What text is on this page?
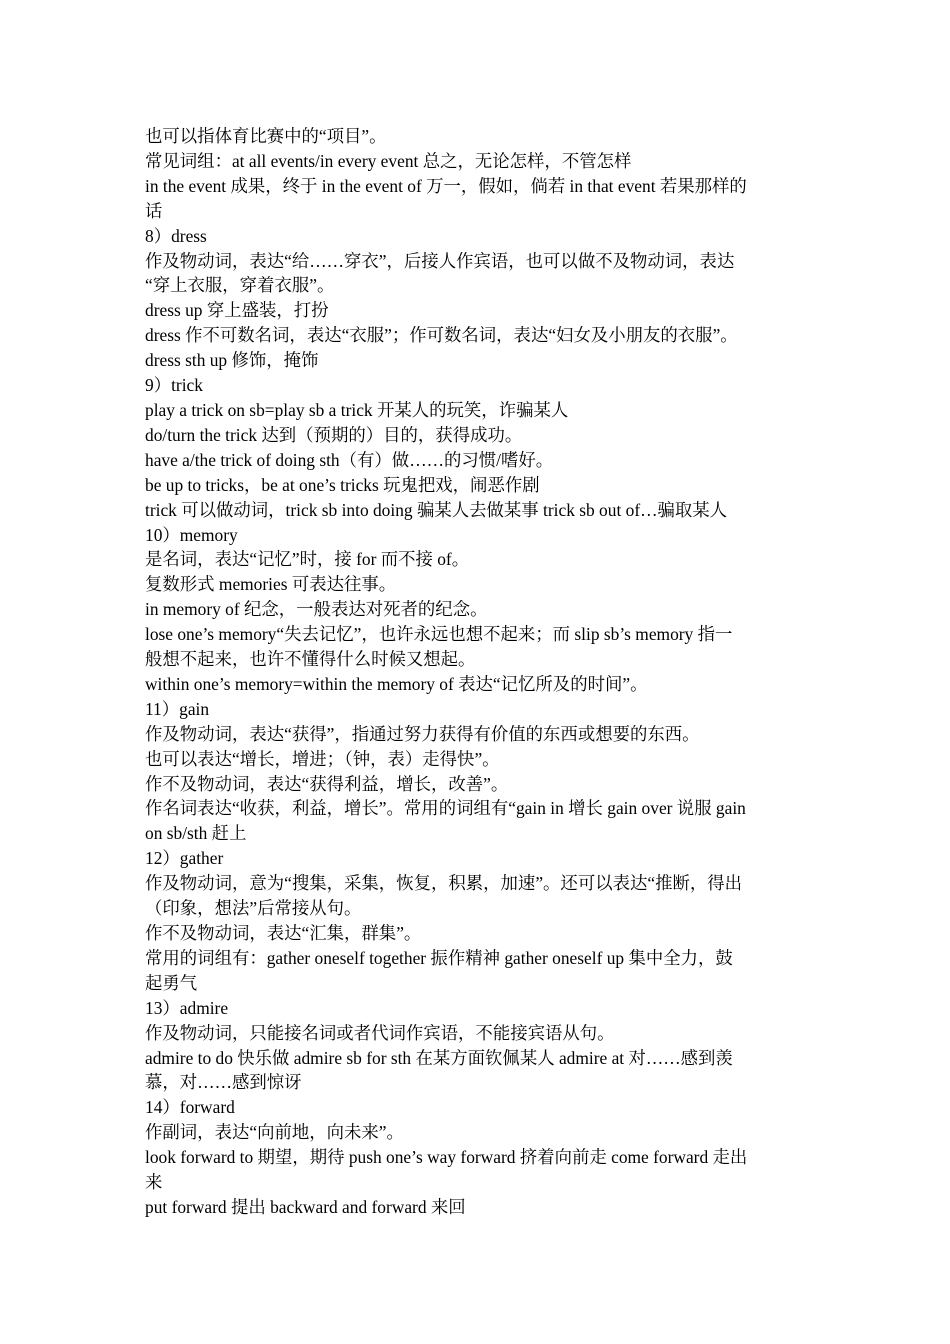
也可以指体育比赛中的“项目”。
常见词组：at all events/in every event 总之，无论怎样，不管怎样
in the event 成果，终于 in the event of 万一，假如，倘若 in that event 若果那样的
话
8）dress
作及物动词，表达“给……穿衣”，后接人作宾语，也可以做不及物动词，表达
“穿上衣服，穿着衣服”。
dress up 穿上盛装，打扮
dress 作不可数名词，表达“衣服”；作可数名词，表达“妇女及小朋友的衣服”。
dress sth up 修饰，掩饰
9）trick
play a trick on sb=play sb a trick 开某人的玩笑，诈骗某人
do/turn the trick 达到（预期的）目的，获得成功。
have a/the trick of doing sth（有）做……的习惯/嗜好。
be up to tricks，be at one’s tricks 玩鬼把戏，闹恶作剧
trick 可以做动词，trick sb into doing 骗某人去做某事 trick sb out of…骗取某人
10）memory
是名词，表达“记忆”时，接 for 而不接 of。
复数形式 memories 可表达往事。
in memory of 纪念，一般表达对死者的纪念。
lose one’s memory“失去记忆”，也许永远也想不起来；而 slip sb’s memory 指一
般想不起来，也许不懂得什么时候又想起。
within one’s memory=within the memory of 表达“记忆所及的时间”。
11）gain
作及物动词，表达“获得”，指通过努力获得有价值的东西或想要的东西。
也可以表达“增长，增进；（钟，表）走得快”。
作不及物动词，表达“获得利益，增长，改善”。
作名词表达“收获，利益，增长”。常用的词组有“gain in 增长 gain over 说服 gain
on sb/sth 赶上
12）gather
作及物动词，意为“搜集，采集，恢复，积累，加速”。还可以表达“推断，得出
（印象，想法”后常接从句。
作不及物动词，表达“汇集，群集”。
常用的词组有：gather oneself together 振作精神 gather oneself up 集中全力，鼓
起勇气
13）admire
作及物动词，只能接名词或者代词作宾语，不能接宾语从句。
admire to do 快乐做 admire sb for sth 在某方面钦佩某人 admire at 对……感到羡
慕，对……感到惊讶
14）forward
作副词，表达“向前地，向未来”。
look forward to 期望，期待 push one’s way forward 挤着向前走 come forward 走出
来
put forward 提出 backward and forward 来回
